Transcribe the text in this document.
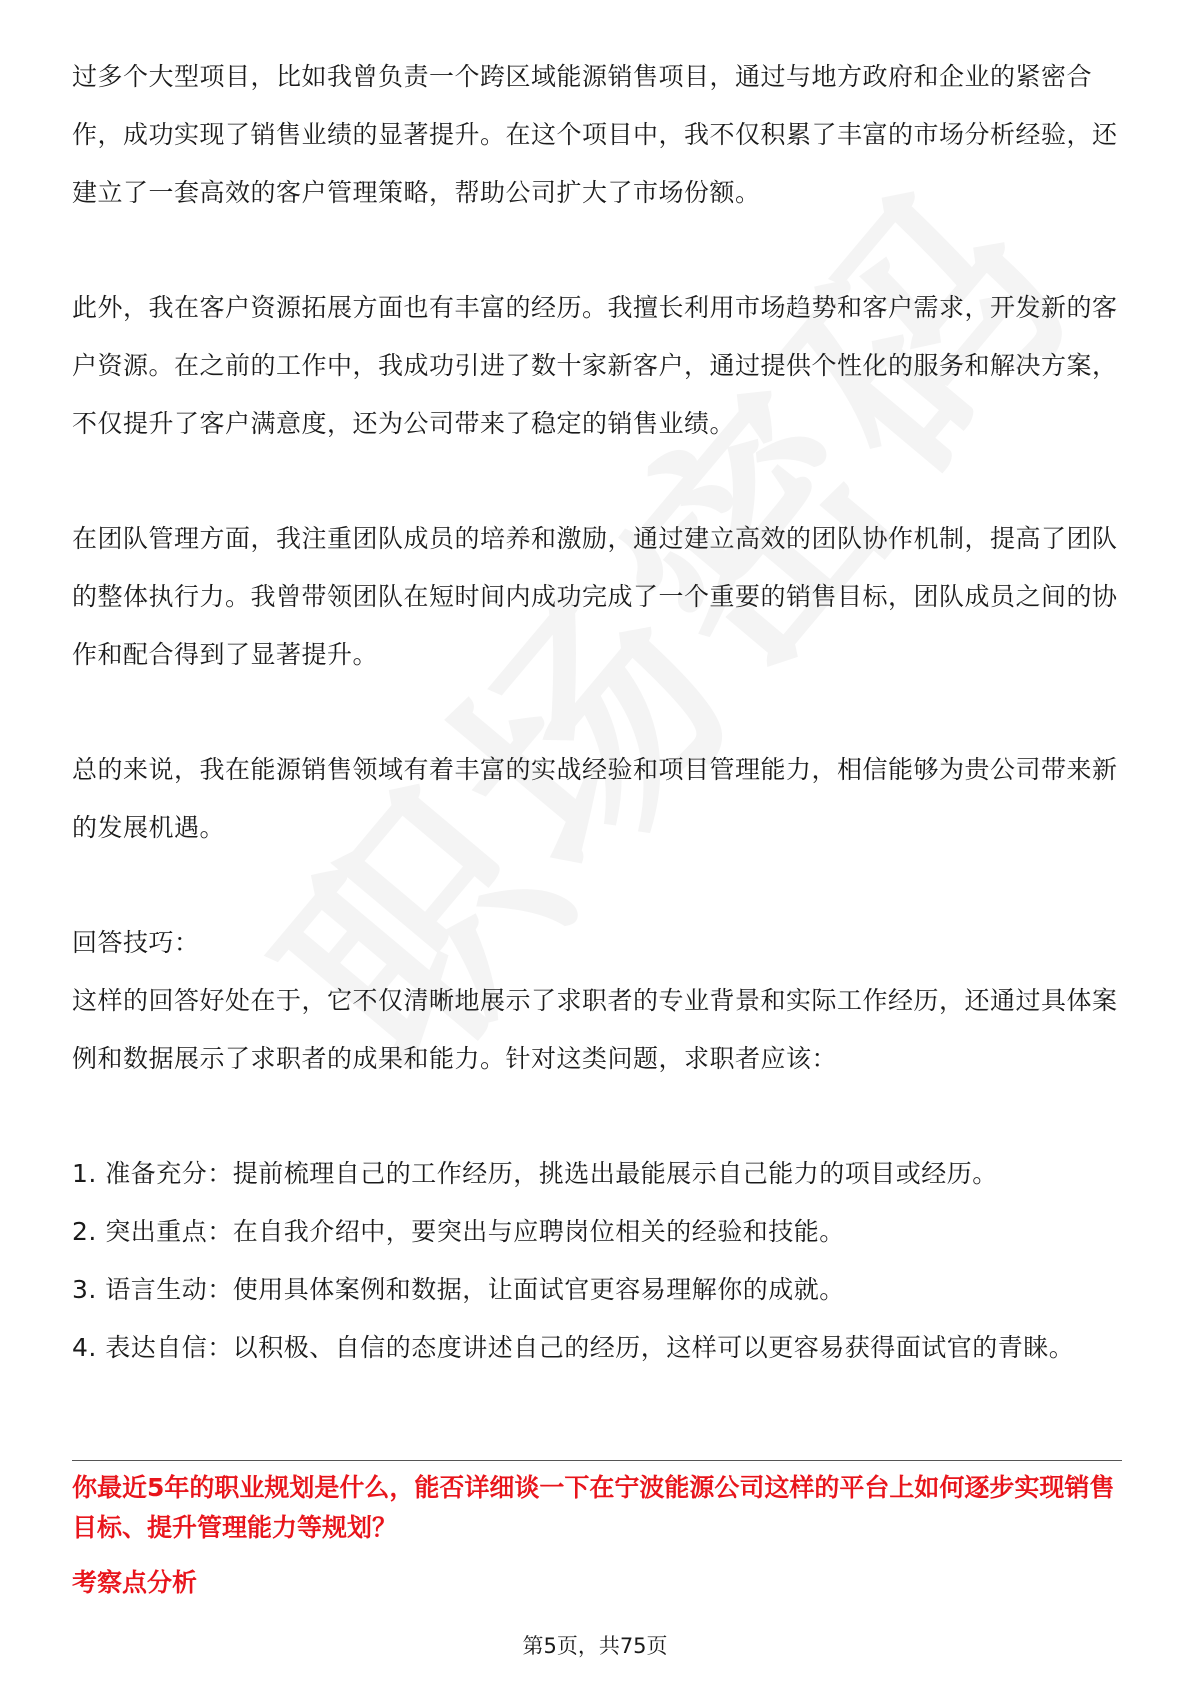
过多个大型项目，比如我曾负责一个跨区域能源销售项目，通过与地方政府和企业的紧密合作，成功实现了销售业绩的显著提升。在这个项目中，我不仅积累了丰富的市场分析经验，还建立了一套高效的客户管理策略，帮助公司扩大了市场份额。

此外，我在客户资源拓展方面也有丰富的经历。我擅长利用市场趋势和客户需求，开发新的客户资源。在之前的工作中，我成功引进了数十家新客户，通过提供个性化的服务和解决方案，不仅提升了客户满意度，还为公司带来了稳定的销售业绩。

在团队管理方面，我注重团队成员的培养和激励，通过建立高效的团队协作机制，提高了团队的整体执行力。我曾带领团队在短时间内成功完成了一个重要的销售目标，团队成员之间的协作和配合得到了显著提升。

总的来说，我在能源销售领域有着丰富的实战经验和项目管理能力，相信能够为贵公司带来新的发展机遇。

回答技巧：

这样的回答好处在于，它不仅清晰地展示了求职者的专业背景和实际工作经历，还通过具体案例和数据展示了求职者的成果和能力。针对这类问题，求职者应该：

1. 准备充分：提前梳理自己的工作经历，挑选出最能展示自己能力的项目或经历。
2. 突出重点：在自我介绍中，要突出与应聘岗位相关的经验和技能。
3. 语言生动：使用具体案例和数据，让面试官更容易理解你的成就。
4. 表达自信：以积极、自信的态度讲述自己的经历，这样可以更容易获得面试官的青睐。
你最近5年的职业规划是什么，能否详细谈一下在宁波能源公司这样的平台上如何逐步实现销售目标、提升管理能力等规划？
考察点分析
第5页，共75页
